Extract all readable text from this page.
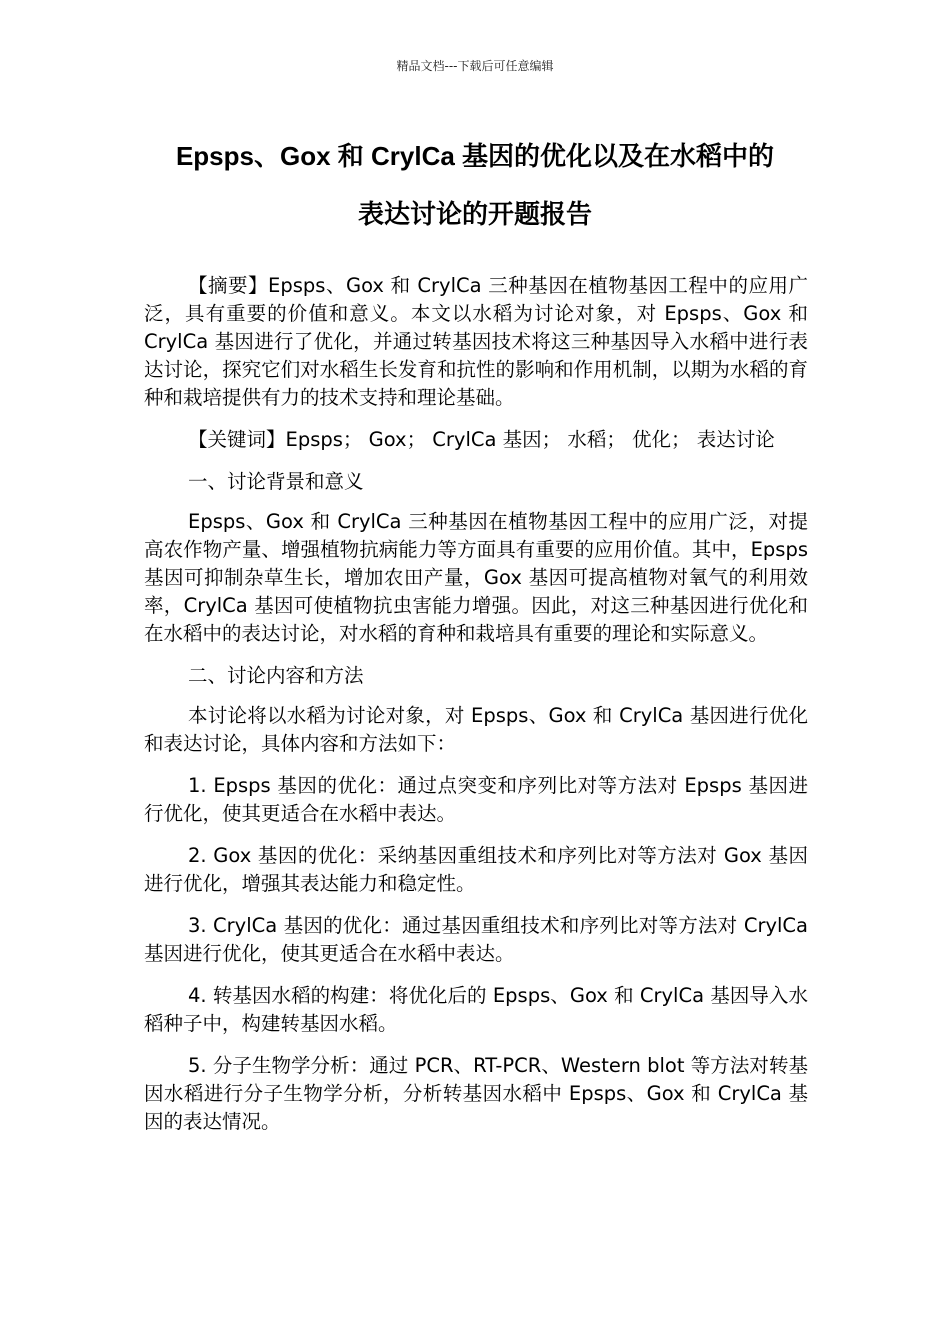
精品文档---下载后可任意编辑
Epsps、Gox 和 CrylCa 基因的优化以及在水稻中的
表达讨论的开题报告

【摘要】Epsps、Gox 和 CrylCa 三种基因在植物基因工程中的应用广泛，具有重要的价值和意义。本文以水稻为讨论对象，对 Epsps、Gox 和 CrylCa 基因进行了优化，并通过转基因技术将这三种基因导入水稻中进行表达讨论，探究它们对水稻生长发育和抗性的影响和作用机制，以期为水稻的育种和栽培提供有力的技术支持和理论基础。

【关键词】Epsps； Gox； CrylCa 基因； 水稻； 优化； 表达讨论

一、讨论背景和意义

Epsps、Gox 和 CrylCa 三种基因在植物基因工程中的应用广泛，对提高农作物产量、增强植物抗病能力等方面具有重要的应用价值。其中，Epsps 基因可抑制杂草生长，增加农田产量，Gox 基因可提高植物对氧气的利用效率，CrylCa 基因可使植物抗虫害能力增强。因此，对这三种基因进行优化和在水稻中的表达讨论，对水稻的育种和栽培具有重要的理论和实际意义。

二、讨论内容和方法

本讨论将以水稻为讨论对象，对 Epsps、Gox 和 CrylCa 基因进行优化和表达讨论，具体内容和方法如下：

1. Epsps 基因的优化：通过点突变和序列比对等方法对 Epsps 基因进行优化，使其更适合在水稻中表达。

2. Gox 基因的优化：采纳基因重组技术和序列比对等方法对 Gox 基因进行优化，增强其表达能力和稳定性。

3. CrylCa 基因的优化：通过基因重组技术和序列比对等方法对 CrylCa 基因进行优化，使其更适合在水稻中表达。

4. 转基因水稻的构建：将优化后的 Epsps、Gox 和 CrylCa 基因导入水稻种子中，构建转基因水稻。

5. 分子生物学分析：通过 PCR、RT-PCR、Western blot 等方法对转基因水稻进行分子生物学分析，分析转基因水稻中 Epsps、Gox 和 CrylCa 基因的表达情况。
